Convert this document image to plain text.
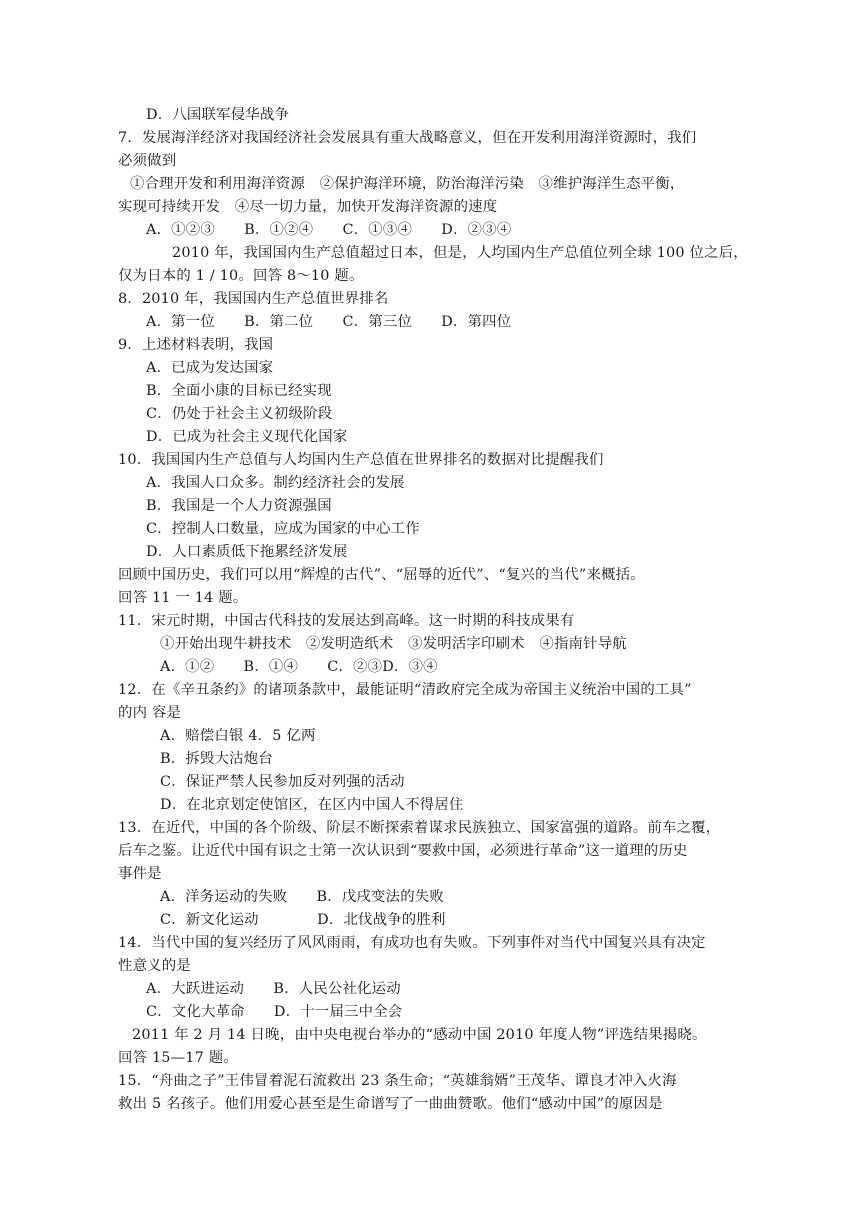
D．八国联军侵华战争
7．发展海洋经济对我国经济社会发展具有重大战略意义，但在开发利用海洋资源时，我们
必须做到
①合理开发和利用海洋资源　②保护海洋环境，防治海洋污染　③维护海洋生态平衡，
实现可持续开发　④尽一切力量，加快开发海洋资源的速度
A．①②③　　B．①②④　　C．①③④　　D．②③④
2010 年，我国国内生产总值超过日本，但是，人均国内生产总值位列全球 100 位之后，
仅为日本的 1 / 10。回答 8～10 题。
8．2010 年，我国国内生产总值世界排名
A．第一位　　B．第二位　　C．第三位　　D．第四位
9．上述材料表明，我国
A．已成为发达国家
B．全面小康的目标已经实现
C．仍处于社会主义初级阶段
D．已成为社会主义现代化国家
10．我国国内生产总值与人均国内生产总值在世界排名的数据对比提醒我们
A．我国人口众多。制约经济社会的发展
B．我国是一个人力资源强国
C．控制人口数量，应成为国家的中心工作
D．人口素质低下拖累经济发展
回顾中国历史，我们可以用“辉煌的古代”、“屈辱的近代”、“复兴的当代”来概括。
回答 11 一 14 题。
11．宋元时期，中国古代科技的发展达到高峰。这一时期的科技成果有
①开始出现牛耕技术　②发明造纸术　③发明活字印刷术　④指南针导航
A．①②　　B．①④　　C．②③D．③④
12．在《辛丑条约》的诸项条款中，最能证明“清政府完全成为帝国主义统治中国的工具”
的内 容是
A．赔偿白银 4．5 亿两
B．拆毁大沽炮台
C．保证严禁人民参加反对列强的活动
D．在北京划定使馆区，在区内中国人不得居住
13．在近代，中国的各个阶级、阶层不断探索着谋求民族独立、国家富强的道路。前车之覆，
后车之鉴。让近代中国有识之士第一次认识到“要救中国，必须进行革命”这一道理的历史
事件是
A．洋务运动的失败　　B．戊戌变法的失败
C．新文化运动　　　　D．北伐战争的胜利
14．当代中国的复兴经历了风风雨雨，有成功也有失败。下列事件对当代中国复兴具有决定
性意义的是
A．大跃进运动　　B．人民公社化运动
C．文化大革命　　D．十一届三中全会
2011 年 2 月 14 日晚，由中央电视台举办的“感动中国 2010 年度人物”评选结果揭晓。
回答 15—17 题。
15．“舟曲之子”王伟冒着泥石流救出 23 条生命；“英雄翁婿”王茂华、谭良才冲入火海
救出 5 名孩子。他们用爱心甚至是生命谱写了一曲曲赞歌。他们“感动中国”的原因是
